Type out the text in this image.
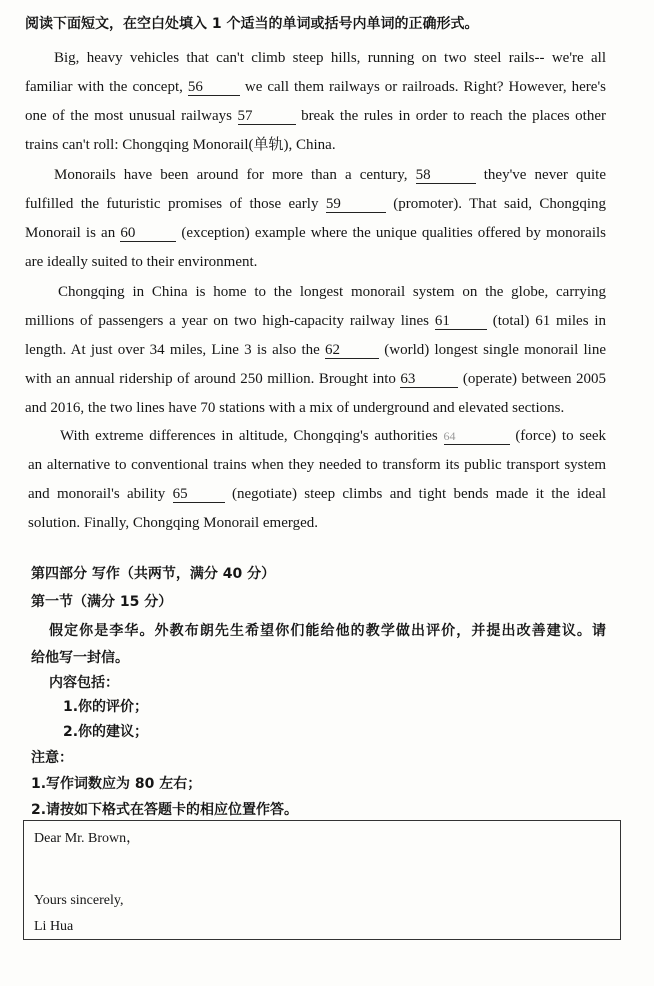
阅读下面短文，在空白处填入 1 个适当的单词或括号内单词的正确形式。
Big, heavy vehicles that can't climb steep hills, running on two steel rails-- we're all
familiar with the concept, 56	we call them railways or railroads. Right? However, here's
one of the most unusual railways 57	break the rules in order to reach the places other
trains can't roll: Chongqing Monorail(单轨), China.
Monorails have been around for more than a century, 58	they've never quite
fulfilled the futuristic promises of those early 59	(promoter). That said, Chongqing
Monorail is an 60	(exception) example where the unique qualities offered by monorails
are ideally suited to their environment.
Chongqing in China is home to the longest monorail system on the globe, carrying
millions of passengers a year on two high-capacity railway lines 61	(total) 61 miles in
length. At just over 34 miles, Line 3 is also the 62	(world) longest single monorail line
with an annual ridership of around 250 million. Brought into 63	(operate) between 2005
and 2016, the two lines have 70 stations with a mix of underground and elevated sections.
With extreme differences in altitude, Chongqing's authorities 64	(force) to seek
an alternative to conventional trains when they needed to transform its public transport system
and monorail's ability 65	(negotiate) steep climbs and tight bends made it the ideal
solution. Finally, Chongqing Monorail emerged.
第四部分 写作（共两节，满分 40 分）
第一节（满分 15 分）
假定你是李华。外教布朗先生希望你们能给他的教学做出评价，并提出改善建议。请
给他写一封信。
内容包括：
1.你的评价；
2.你的建议；
注意：
1.写作词数应为 80 左右；
2.请按如下格式在答题卡的相应位置作答。
Dear Mr. Brown，
Yours sincerely,
Li Hua
